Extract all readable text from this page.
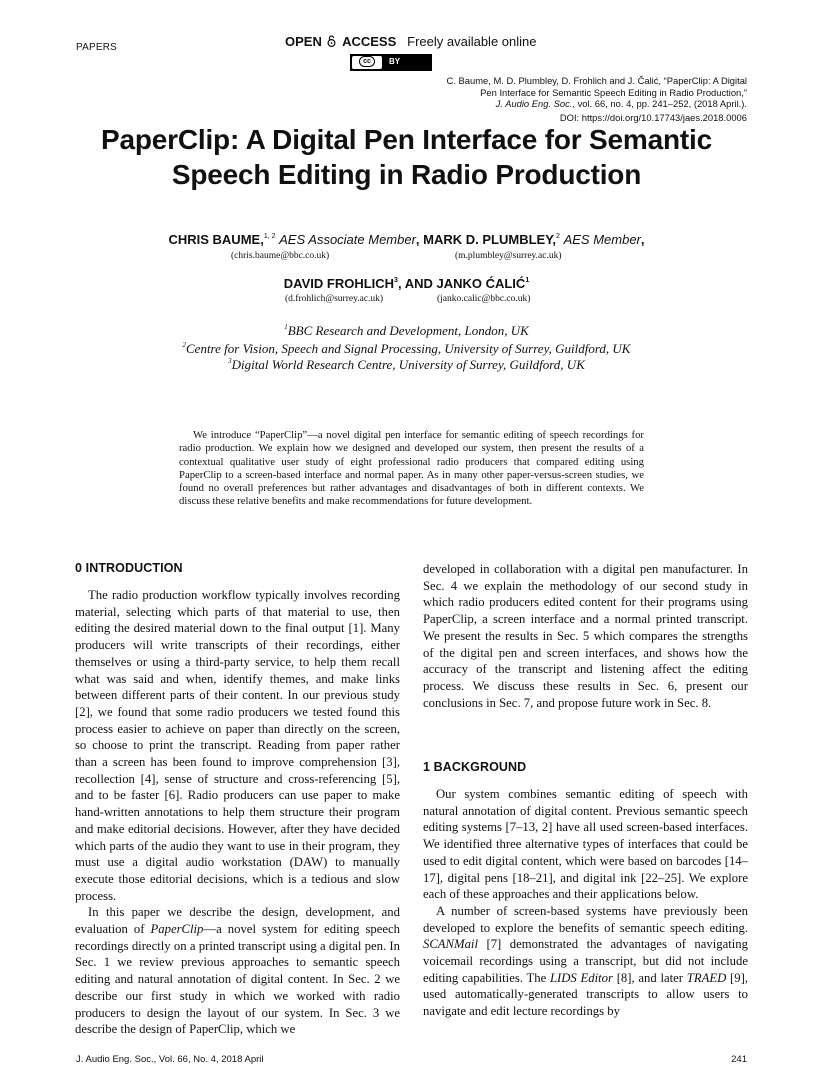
PAPERS	OPEN ACCESS Freely available online
cc	BY
C. Baume, M. D. Plumbley, D. Frohlich and J. Čalić, “PaperClip: A Digital
Pen Interface for Semantic Speech Editing in Radio Production,”
J. Audio Eng. Soc., vol. 66, no. 4, pp. 241–252, (2018 April.).
DOI: https://doi.org/10.17743/jaes.2018.0006
PaperClip: A Digital Pen Interface for Semantic
Speech Editing in Radio Production
CHRIS BAUME,$^{1, 2}$ AES Associate Member, MARK D. PLUMBLEY,$^2$ AES Member,
(chris.baume@bbc.co.uk)	(m.plumbley@surrey.ac.uk)
DAVID FROHLICH$^3$, AND JANKO ĆALIĆ$^1$
(d.frohlich@surrey.ac.uk)	(janko.calic@bbc.co.uk)
$^1$BBC Research and Development, London, UK
$^2$Centre for Vision, Speech and Signal Processing, University of Surrey, Guildford, UK
$^3$Digital World Research Centre, University of Surrey, Guildford, UK
We introduce “PaperClip”—a novel digital pen interface for semantic editing of speech recordings for radio production. We explain how we designed and developed our system, then present the results of a contextual qualitative user study of eight professional radio producers that compared editing using PaperClip to a screen-based interface and normal paper. As in many other paper-versus-screen studies, we found no overall preferences but rather advantages and disadvantages of both in different contexts. We discuss these relative benefits and make recommendations for future development.
0 INTRODUCTION

The radio production workflow typically involves recording material, selecting which parts of that material to use, then editing the desired material down to the final output [1]. Many producers will write transcripts of their recordings, either themselves or using a third-party service, to help them recall what was said and when, identify themes, and make links between different parts of their content. In our previous study [2], we found that some radio producers we tested found this process easier to achieve on paper than directly on the screen, so choose to print the transcript. Reading from paper rather than a screen has been found to improve comprehension [3], recollection [4], sense of structure and cross-referencing [5], and to be faster [6]. Radio producers can use paper to make hand-written annotations to help them structure their program and make editorial decisions. However, after they have decided which parts of the audio they want to use in their program, they must use a digital audio workstation (DAW) to manually execute those editorial decisions, which is a tedious and slow process.

In this paper we describe the design, development, and evaluation of PaperClip—a novel system for editing speech recordings directly on a printed transcript using a digital pen. In Sec. 1 we review previous approaches to semantic speech editing and natural annotation of digital content. In Sec. 2 we describe our first study in which we worked with radio producers to design the layout of our system. In Sec. 3 we describe the design of PaperClip, which we

developed in collaboration with a digital pen manufacturer. In Sec. 4 we explain the methodology of our second study in which radio producers edited content for their programs using PaperClip, a screen interface and a normal printed transcript. We present the results in Sec. 5 which compares the strengths of the digital pen and screen interfaces, and shows how the accuracy of the transcript and listening affect the editing process. We discuss these results in Sec. 6, present our conclusions in Sec. 7, and propose future work in Sec. 8.

1 BACKGROUND

Our system combines semantic editing of speech with natural annotation of digital content. Previous semantic speech editing systems [7–13, 2] have all used screen-based interfaces. We identified three alternative types of interfaces that could be used to edit digital content, which were based on barcodes [14–17], digital pens [18–21], and digital ink [22–25]. We explore each of these approaches and their applications below.

A number of screen-based systems have previously been developed to explore the benefits of semantic speech editing. SCANMail [7] demonstrated the advantages of navigating voicemail recordings using a transcript, but did not include editing capabilities. The LIDS Editor [8], and later TRAED [9], used automatically-generated transcripts to allow users to navigate and edit lecture recordings by

J. Audio Eng. Soc., Vol. 66, No. 4, 2018 April	241
